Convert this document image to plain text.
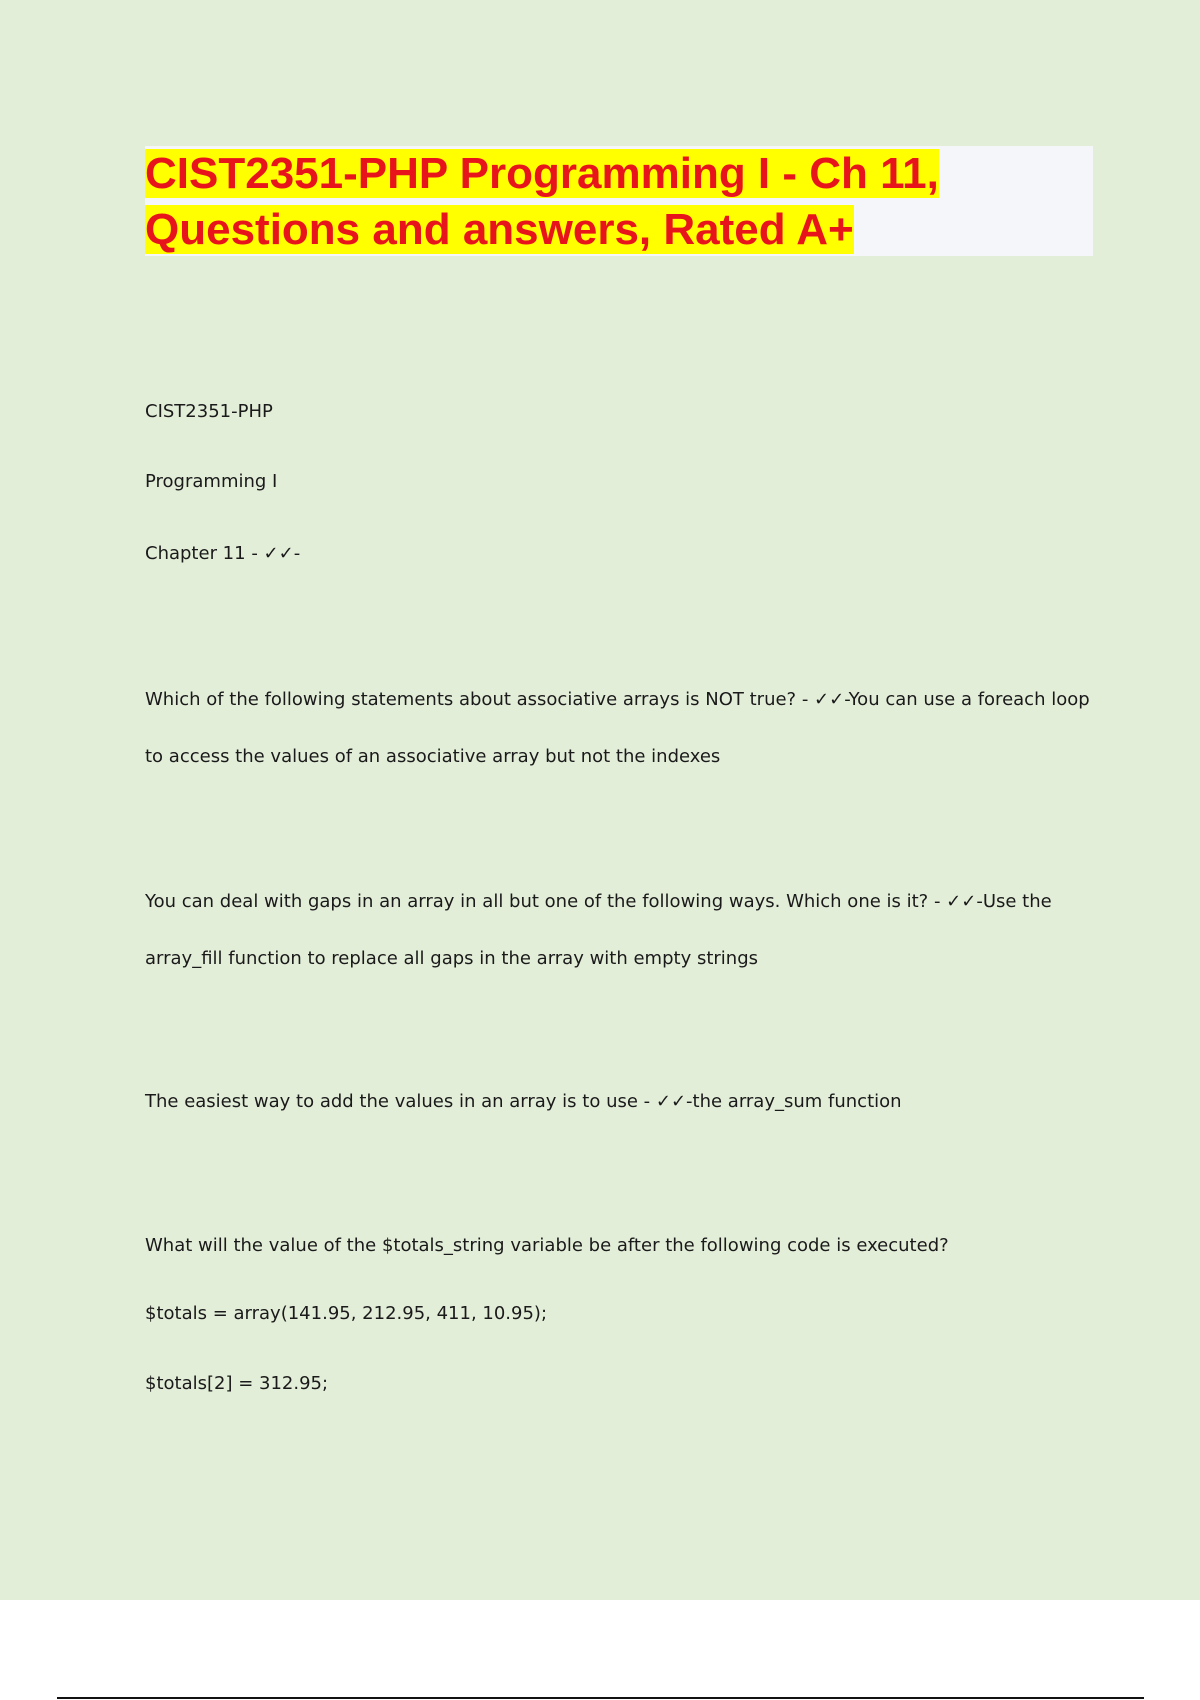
CIST2351-PHP Programming I - Ch 11,
Questions and answers, Rated A+

CIST2351-PHP

Programming I

Chapter 11 - ✓✓-

Which of the following statements about associative arrays is NOT true? - ✓✓-You can use a foreach loop

to access the values of an associative array but not the indexes

You can deal with gaps in an array in all but one of the following ways. Which one is it? - ✓✓-Use the

array_fill function to replace all gaps in the array with empty strings

The easiest way to add the values in an array is to use - ✓✓-the array_sum function

What will the value of the $totals_string variable be after the following code is executed?

$totals = array(141.95, 212.95, 411, 10.95);

$totals[2] = 312.95;
